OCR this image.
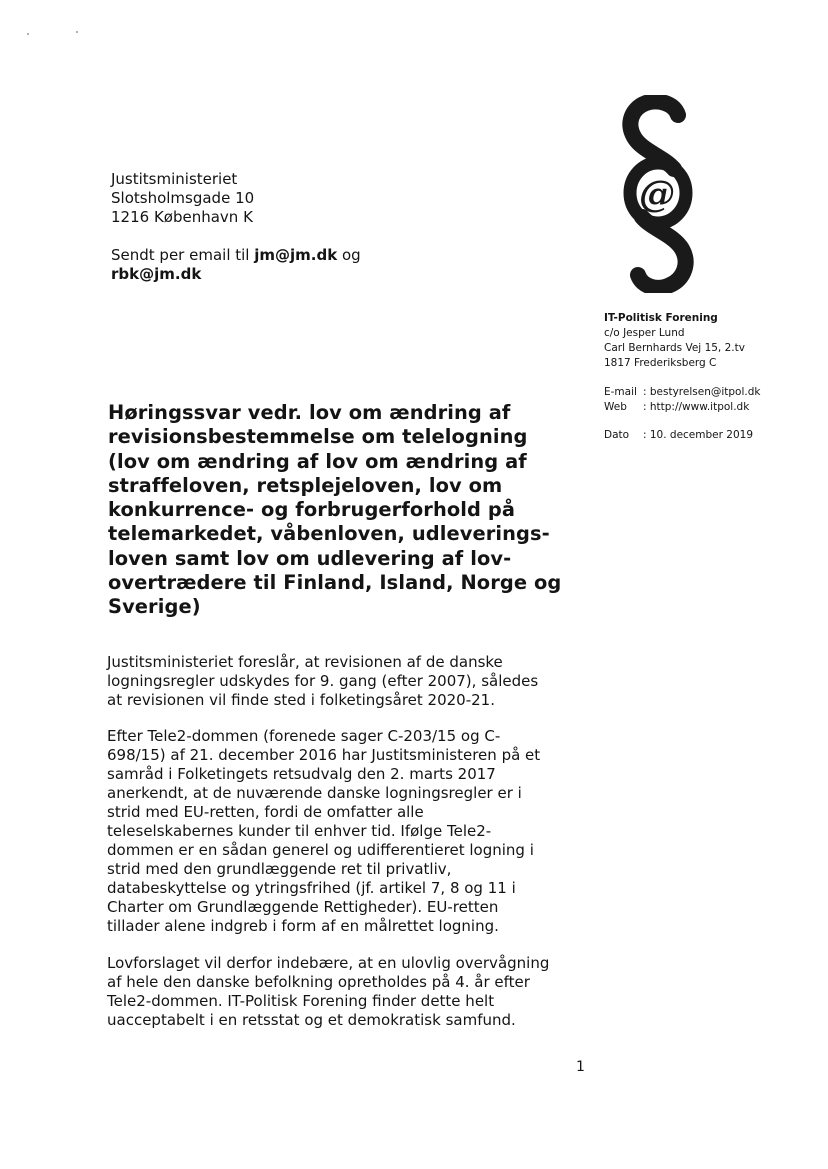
Justitsministeriet
Slotsholmsgade 10
1216 København K
Sendt per email til jm@jm.dk og
rbk@jm.dk
@
IT-Politisk Forening
c/o Jesper Lund
Carl Bernhards Vej 15, 2.tv
1817 Frederiksberg C
E-mail : bestyrelsen@itpol.dk
Web	: http://www.itpol.dk
Dato	: 10. december 2019
Høringssvar vedr. lov om ændring af
revisionsbestemmelse om telelogning
(lov om ændring af lov om ændring af
straffeloven, retsplejeloven, lov om
konkurrence- og forbrugerforhold på
telemarkedet, våbenloven, udleverings-
loven samt lov om udlevering af lov-
overtrædere til Finland, Island, Norge og
Sverige)
Justitsministeriet foreslår, at revisionen af de danske
logningsregler udskydes for 9. gang (efter 2007), således
at revisionen vil finde sted i folketingsåret 2020-21.
Efter Tele2-dommen (forenede sager C-203/15 og C-
698/15) af 21. december 2016 har Justitsministeren på et
samråd i Folketingets retsudvalg den 2. marts 2017
anerkendt, at de nuværende danske logningsregler er i
strid med EU-retten, fordi de omfatter alle
teleselskabernes kunder til enhver tid. Ifølge Tele2-
dommen er en sådan generel og udifferentieret logning i
strid med den grundlæggende ret til privatliv,
databeskyttelse og ytringsfrihed (jf. artikel 7, 8 og 11 i
Charter om Grundlæggende Rettigheder). EU-retten
tillader alene indgreb i form af en målrettet logning.
Lovforslaget vil derfor indebære, at en ulovlig overvågning
af hele den danske befolkning opretholdes på 4. år efter
Tele2-dommen. IT-Politisk Forening finder dette helt
uacceptabelt i en retsstat og et demokratisk samfund.
1
